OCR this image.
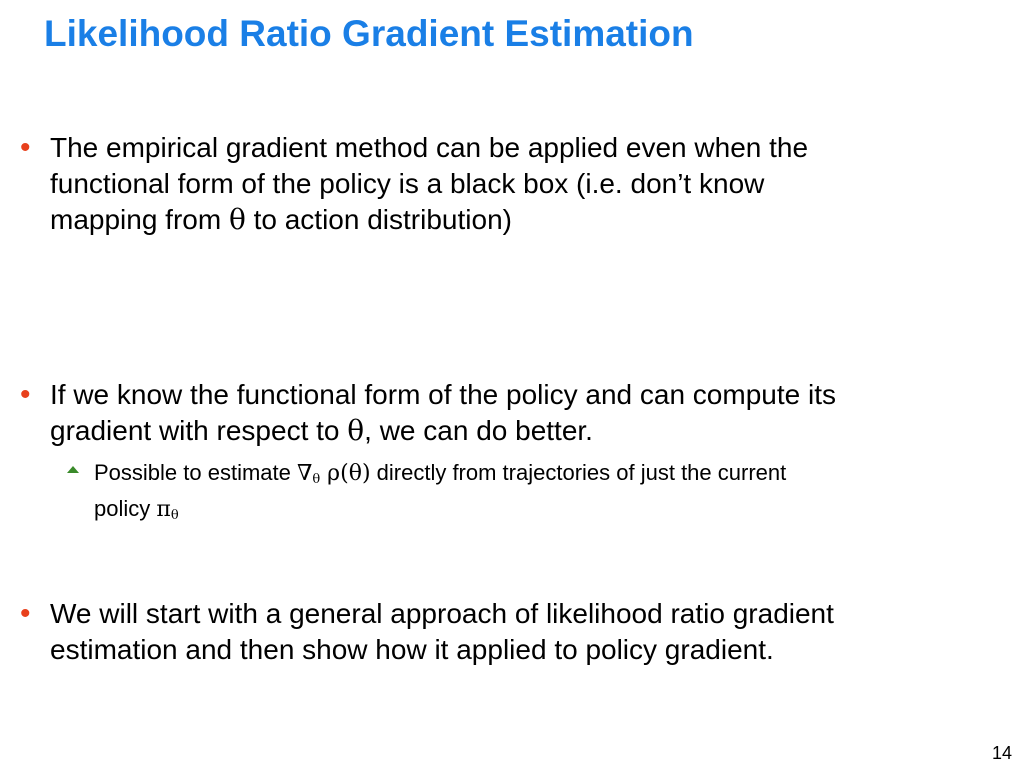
Likelihood Ratio Gradient Estimation
• The empirical gradient method can be applied even when the
functional form of the policy is a black box (i.e. don’t know
mapping from θ to action distribution)
• If we know the functional form of the policy and can compute its
gradient with respect to θ, we can do better.
Possible to estimate ∇θ ρ(θ) directly from trajectories of just the current
policy πθ
• We will start with a general approach of likelihood ratio gradient
estimation and then show how it applied to policy gradient.
14
